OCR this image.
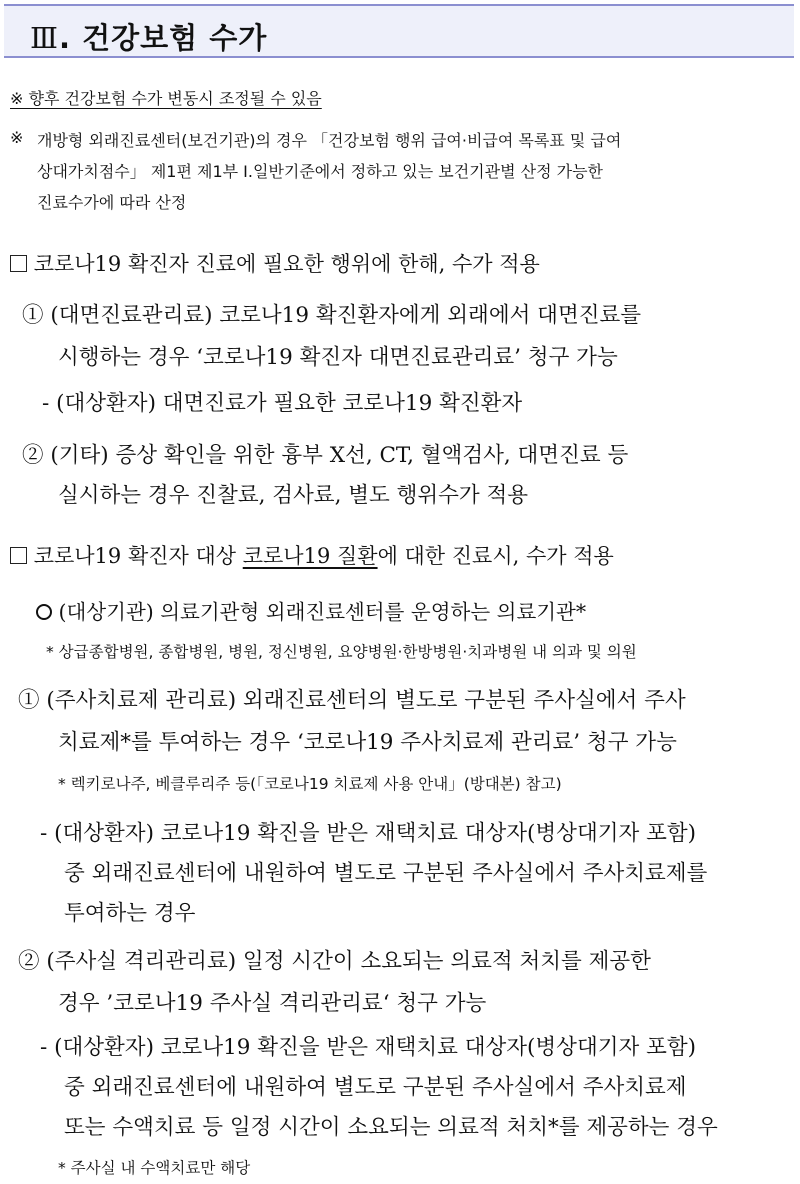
Ⅲ. 건강보험 수가
※ 향후 건강보험 수가 변동시 조정될 수 있음
※ 개방형 외래진료센터(보건기관)의 경우 「건강보험 행위 급여·비급여 목록표 및 급여
상대가치점수」 제1편 제1부 Ⅰ.일반기준에서 정하고 있는 보건기관별 산정 가능한
진료수가에 따라 산정
코로나19 확진자 진료에 필요한 행위에 한해, 수가 적용
① (대면진료관리료) 코로나19 확진환자에게 외래에서 대면진료를
시행하는 경우 ‘코로나19 확진자 대면진료관리료’ 청구 가능
- (대상환자) 대면진료가 필요한 코로나19 확진환자
② (기타) 증상 확인을 위한 흉부 X선, CT, 혈액검사, 대면진료 등
실시하는 경우 진찰료, 검사료, 별도 행위수가 적용
코로나19 확진자 대상 코로나19 질환에 대한 진료시, 수가 적용
(대상기관) 의료기관형 외래진료센터를 운영하는 의료기관*
* 상급종합병원, 종합병원, 병원, 정신병원, 요양병원·한방병원·치과병원 내 의과 및 의원
① (주사치료제 관리료) 외래진료센터의 별도로 구분된 주사실에서 주사
치료제*를 투여하는 경우 ‘코로나19 주사치료제 관리료’ 청구 가능
* 렉키로나주, 베클루리주 등(「코로나19 치료제 사용 안내」(방대본) 참고)
- (대상환자) 코로나19 확진을 받은 재택치료 대상자(병상대기자 포함)
중 외래진료센터에 내원하여 별도로 구분된 주사실에서 주사치료제를
투여하는 경우
② (주사실 격리관리료) 일정 시간이 소요되는 의료적 처치를 제공한
경우 ’코로나19 주사실 격리관리료‘ 청구 가능
- (대상환자) 코로나19 확진을 받은 재택치료 대상자(병상대기자 포함)
중 외래진료센터에 내원하여 별도로 구분된 주사실에서 주사치료제
또는 수액치료 등 일정 시간이 소요되는 의료적 처치*를 제공하는 경우
* 주사실 내 수액치료만 해당
